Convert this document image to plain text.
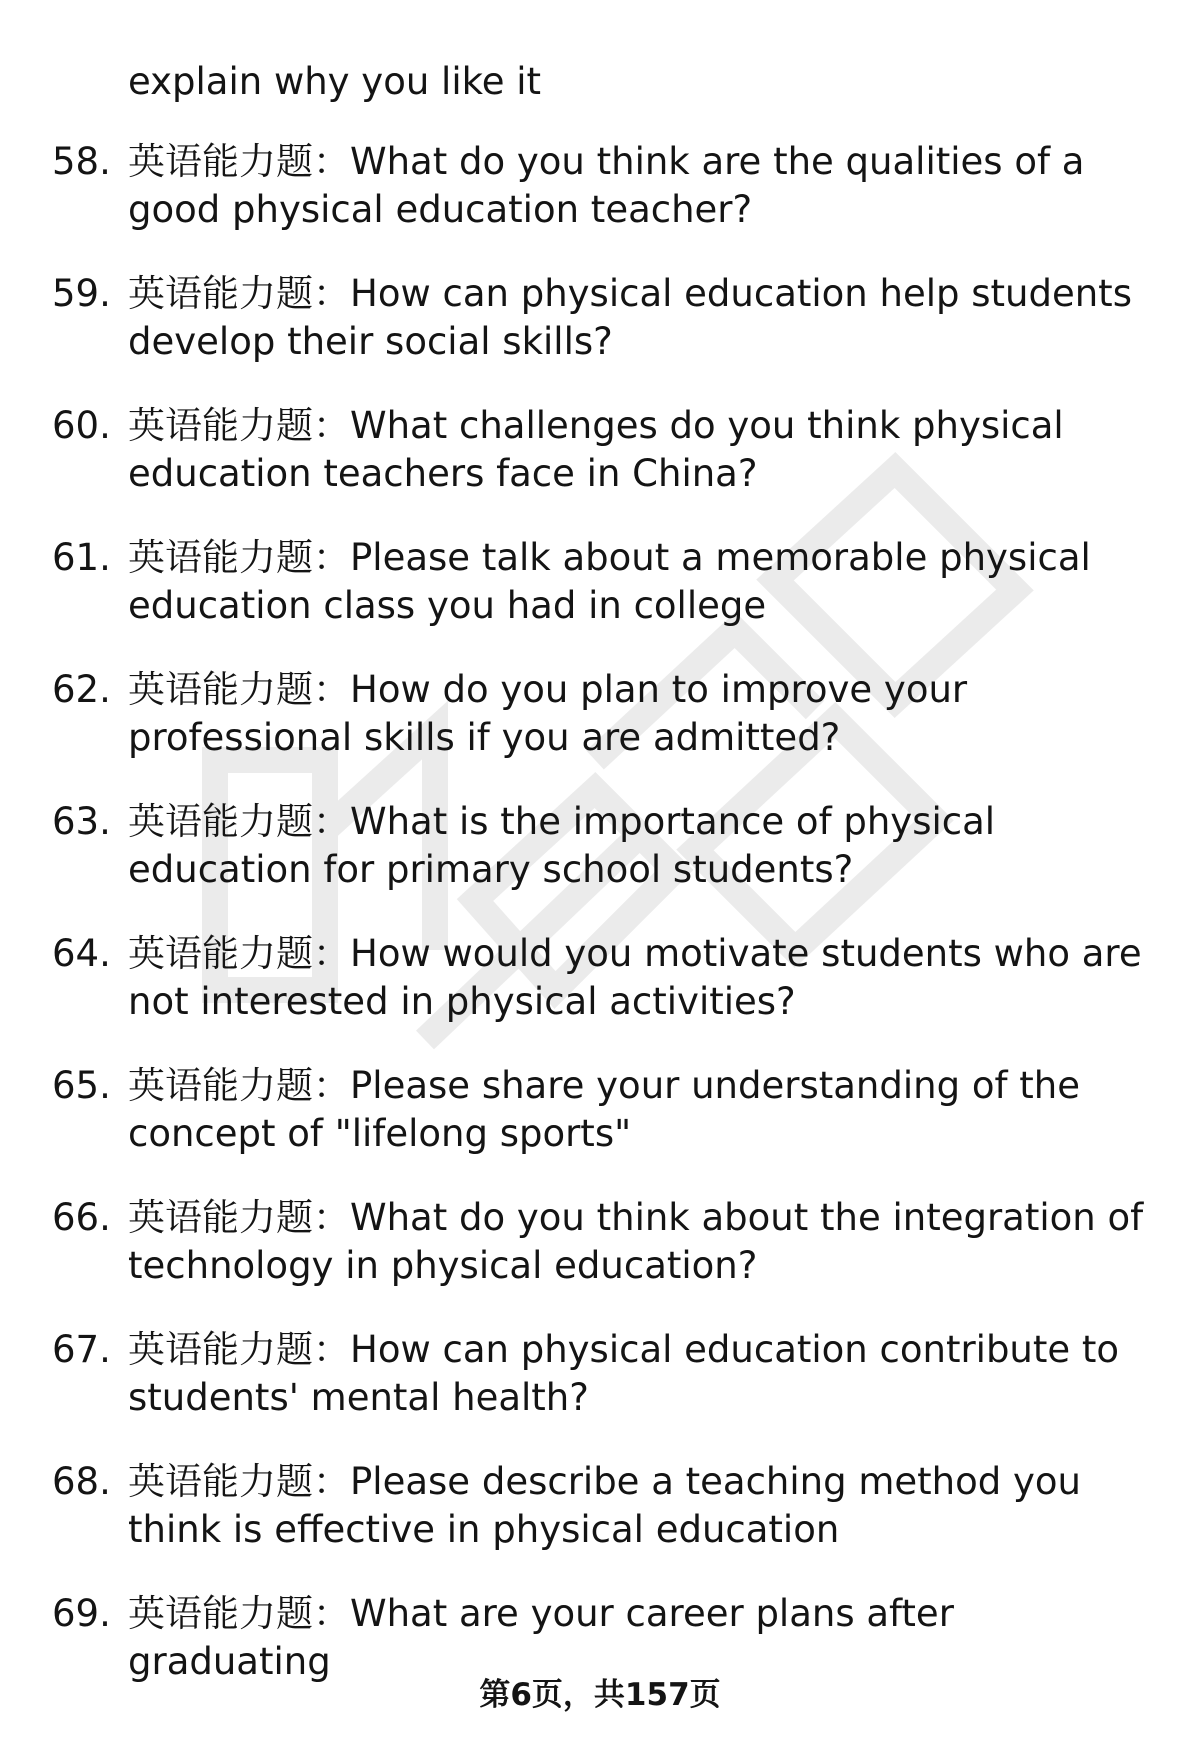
explain why you like it
58. 英语能力题：What do you think are the qualities of a good physical education teacher?
59. 英语能力题：How can physical education help students develop their social skills?
60. 英语能力题：What challenges do you think physical education teachers face in China?
61. 英语能力题：Please talk about a memorable physical education class you had in college
62. 英语能力题：How do you plan to improve your professional skills if you are admitted?
63. 英语能力题：What is the importance of physical education for primary school students?
64. 英语能力题：How would you motivate students who are not interested in physical activities?
65. 英语能力题：Please share your understanding of the concept of "lifelong sports"
66. 英语能力题：What do you think about the integration of technology in physical education?
67. 英语能力题：How can physical education contribute to students' mental health?
68. 英语能力题：Please describe a teaching method you think is effective in physical education
69. 英语能力题：What are your career plans after graduating
第6页，共157页
